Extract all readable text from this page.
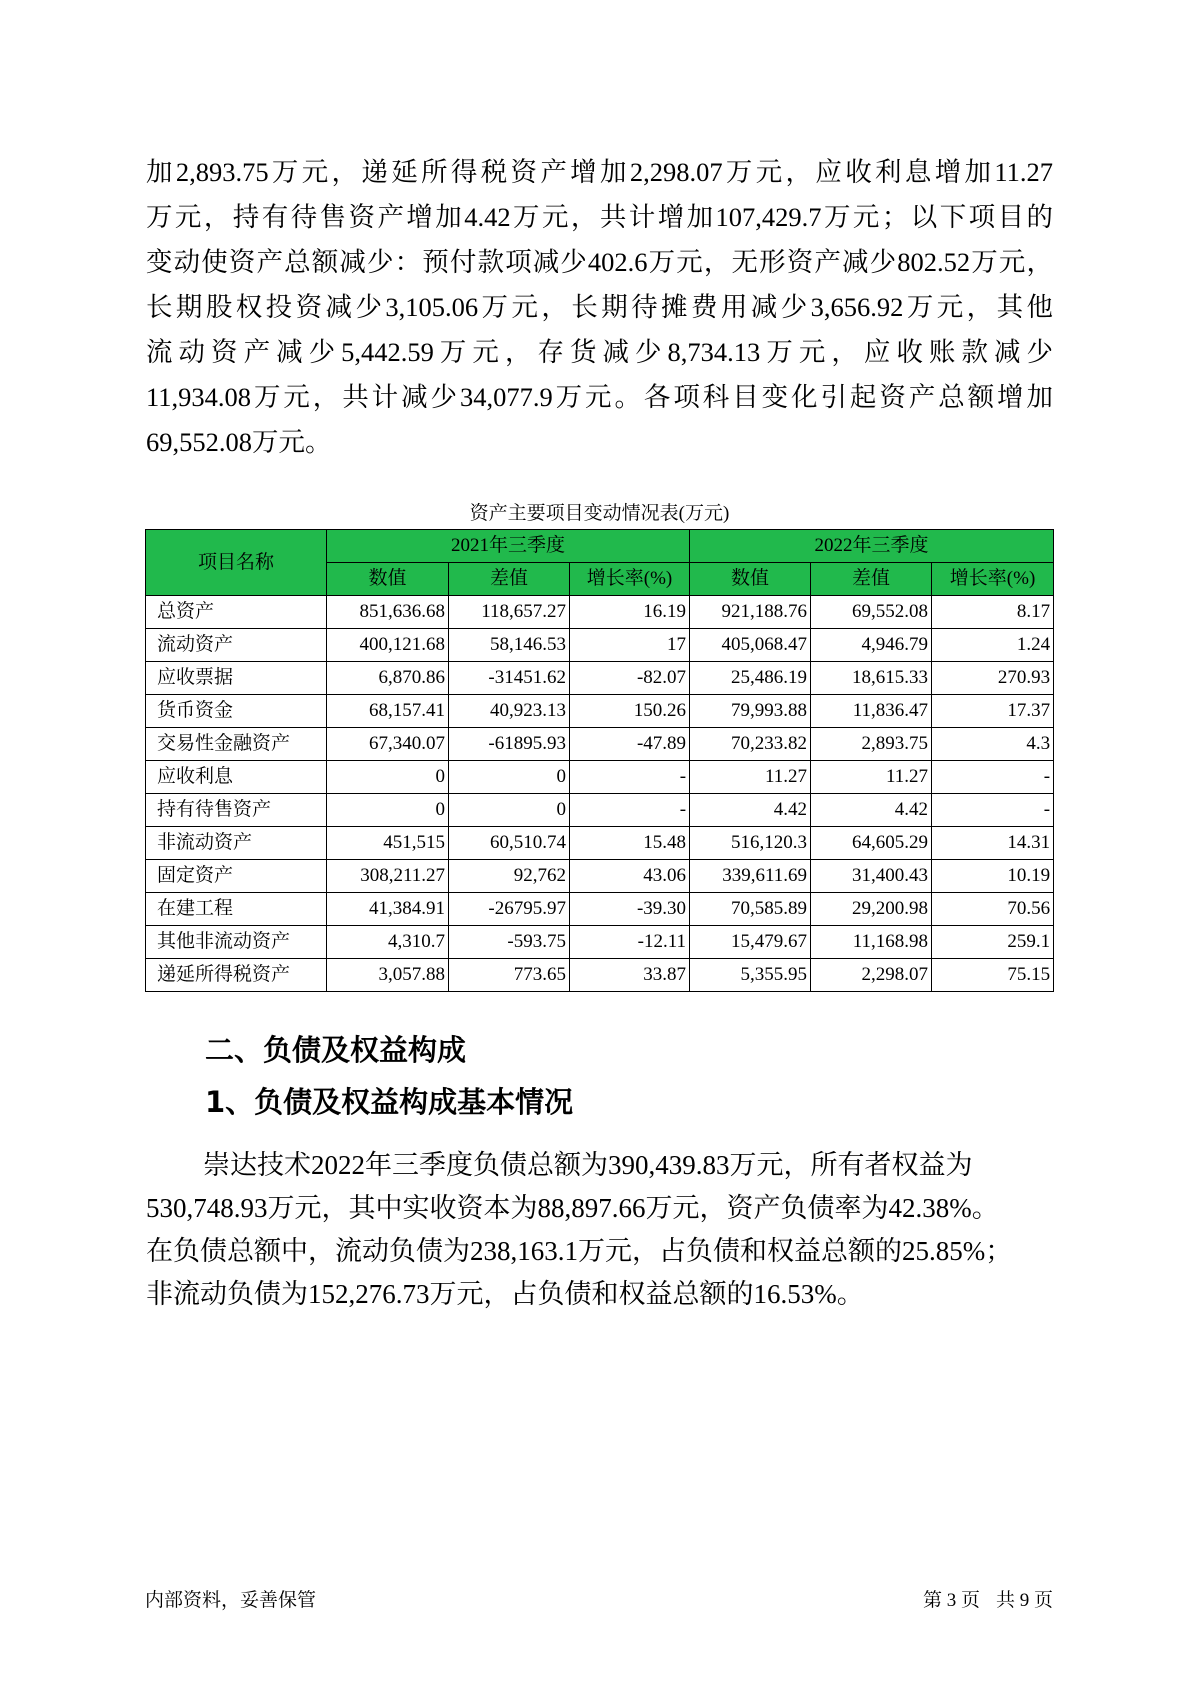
加2,893.75万元，递延所得税资产增加2,298.07万元，应收利息增加11.27
万元，持有待售资产增加4.42万元，共计增加107,429.7万元；以下项目的
变动使资产总额减少：预付款项减少402.6万元，无形资产减少802.52万元，
长期股权投资减少3,105.06万元，长期待摊费用减少3,656.92万元，其他
流动资产减少5,442.59万元，存货减少8,734.13万元，应收账款减少
11,934.08万元，共计减少34,077.9万元。各项科目变化引起资产总额增加
69,552.08万元。
资产主要项目变动情况表(万元)
项目名称	2021年三季度			2022年三季度		
	数值	差值	增长率(%)	数值	差值	增长率(%)
总资产	851,636.68	118,657.27	16.19	921,188.76	69,552.08	8.17
流动资产	400,121.68	58,146.53	17	405,068.47	4,946.79	1.24
应收票据	6,870.86	-31451.62	-82.07	25,486.19	18,615.33	270.93
货币资金	68,157.41	40,923.13	150.26	79,993.88	11,836.47	17.37
交易性金融资产	67,340.07	-61895.93	-47.89	70,233.82	2,893.75	4.3
应收利息	0	0	-	11.27	11.27	-
持有待售资产	0	0	-	4.42	4.42	-
非流动资产	451,515	60,510.74	15.48	516,120.3	64,605.29	14.31
固定资产	308,211.27	92,762	43.06	339,611.69	31,400.43	10.19
在建工程	41,384.91	-26795.97	-39.30	70,585.89	29,200.98	70.56
其他非流动资产	4,310.7	-593.75	-12.11	15,479.67	11,168.98	259.1
递延所得税资产	3,057.88	773.65	33.87	5,355.95	2,298.07	75.15
二、负债及权益构成
1、负债及权益构成基本情况
崇达技术2022年三季度负债总额为390,439.83万元，所有者权益为
530,748.93万元，其中实收资本为88,897.66万元，资产负债率为42.38%。
在负债总额中，流动负债为238,163.1万元，占负债和权益总额的25.85%；
非流动负债为152,276.73万元，占负债和权益总额的16.53%。
内部资料，妥善保管	第 3 页 共 9 页
